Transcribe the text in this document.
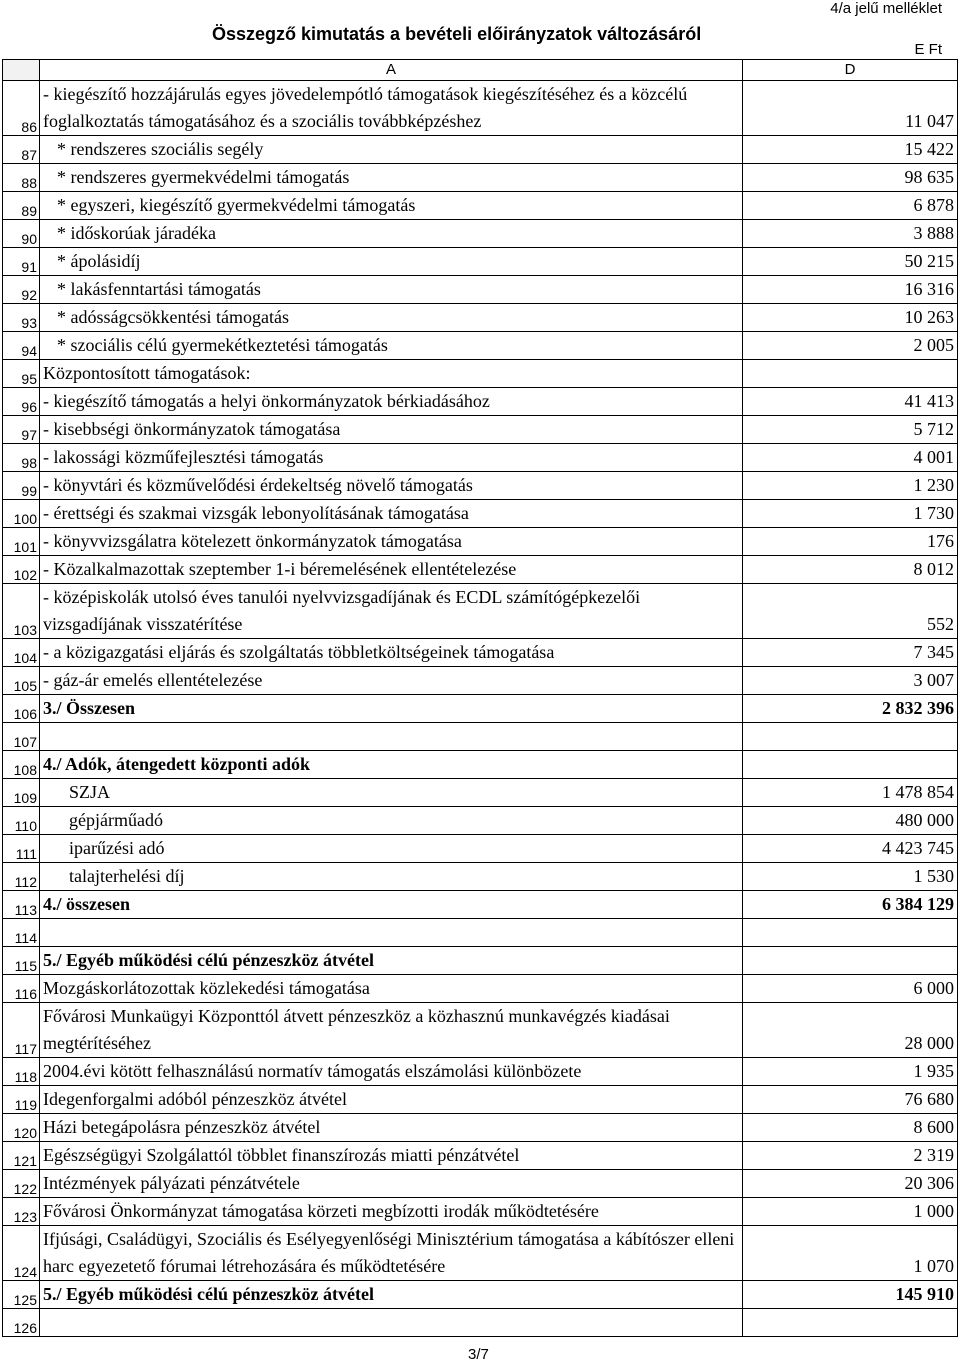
4/a jelű melléklet
Összegző kimutatás a bevételi előirányzatok változásáról
E Ft
	A	D
86	- kiegészítő hozzájárulás egyes jövedelempótló támogatások kiegészítéséhez és a közcélú foglalkoztatás támogatásához és a szociális továbbképzéshez	11 047
87	* rendszeres szociális segély	15 422
88	* rendszeres gyermekvédelmi támogatás	98 635
89	* egyszeri, kiegészítő gyermekvédelmi támogatás	6 878
90	* időskorúak járadéka	3 888
91	* ápolásidíj	50 215
92	* lakásfenntartási támogatás	16 316
93	* adósságcsökkentési támogatás	10 263
94	* szociális célú gyermekétkeztetési támogatás	2 005
95	Központosított támogatások:	

96	- kiegészítő támogatás a helyi önkormányzatok bérkiadásához	41 413
97	- kisebbségi önkormányzatok támogatása	5 712
98	- lakossági közműfejlesztési támogatás	4 001
99	- könyvtári és közművelődési érdekeltség növelő támogatás	1 230
100	- érettségi és szakmai vizsgák lebonyolításának támogatása	1 730
101	- könyvvizsgálatra kötelezett önkormányzatok támogatása	176
102	- Közalkalmazottak szeptember 1-i béremelésének ellentételezése	8 012
103	- középiskolák utolsó éves tanulói nyelvvizsgadíjának és ECDL számítógépkezelői vizsgadíjának visszatérítése	552
104	- a közigazgatási eljárás és szolgáltatás többletköltségeinek támogatása	7 345
105	- gáz-ár emelés ellentételezése	3 007
106	3./ Összesen	2 832 396
107	

108	4./ Adók, átengedett központi adók	

109	SZJA	1 478 854
110	gépjárműadó	480 000
111	iparűzési adó	4 423 745
112	talajterhelési díj	1 530
113	4./ összesen	6 384 129
114	

115	5./ Egyéb működési célú pénzeszköz átvétel	

116	Mozgáskorlátozottak közlekedési támogatása	6 000
117	Fővárosi Munkaügyi Központtól átvett pénzeszköz a közhasznú munkavégzés kiadásai megtérítéséhez	28 000
118	2004.évi kötött felhasználású normatív támogatás elszámolási különbözete	1 935
119	Idegenforgalmi adóból pénzeszköz átvétel	76 680
120	Házi betegápolásra pénzeszköz átvétel	8 600
121	Egészségügyi Szolgálattól többlet finanszírozás miatti pénzátvétel	2 319
122	Intézmények pályázati pénzátvétele	20 306
123	Fővárosi Önkormányzat támogatása körzeti megbízotti irodák működtetésére	1 000
124	Ifjúsági, Családügyi, Szociális és Esélyegyenlőségi Minisztérium támogatása a kábítószer elleni harc egyezetető fórumai létrehozására és működtetésére	1 070
125	5./ Egyéb működési célú pénzeszköz átvétel	145 910
126	

3/7
